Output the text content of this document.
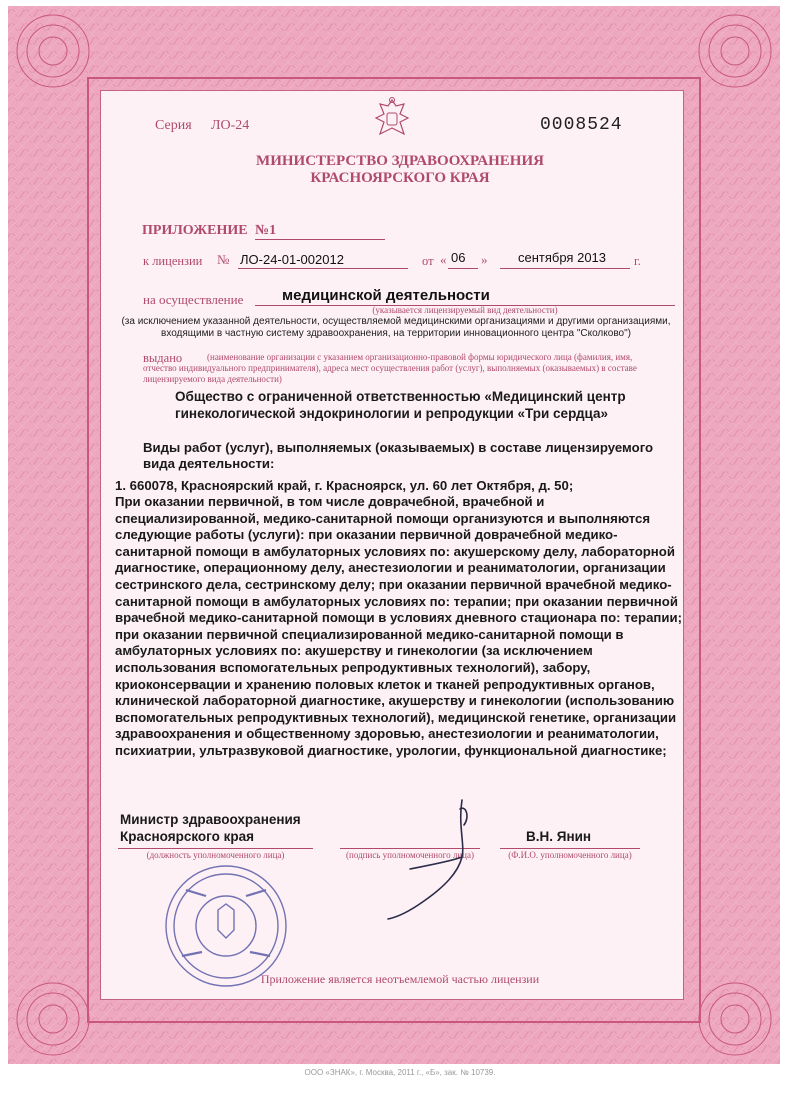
Серия ЛО-24	0008524
МИНИСТЕРСТВО ЗДРАВООХРАНЕНИЯ
КРАСНОЯРСКОГО КРАЯ
ПРИЛОЖЕНИЕ №1
к лицензии № ЛО-24-01-002012	от « 06 » сентября 2013 г.
на осуществление	медицинской деятельности
(указывается лицензируемый вид деятельности)
(за исключением указанной деятельности, осуществляемой медицинскими организациями и другими организациями,
входящими в частную систему здравоохранения, на территории инновационного центра "Сколково")
выдано	(наименование организации с указанием организационно-правовой формы юридического лица (фамилия, имя,
отчество индивидуального предпринимателя), адреса мест осуществления работ (услуг), выполняемых (оказываемых) в составе
лицензируемого вида деятельности)
Общество с ограниченной ответственностью «Медицинский центр
гинекологической эндокринологии и репродукции «Три сердца»
Виды работ (услуг), выполняемых (оказываемых) в составе лицензируемого
вида деятельности:
1. 660078, Красноярский край, г. Красноярск, ул. 60 лет Октября, д. 50;
При оказании первичной, в том числе доврачебной, врачебной и
специализированной, медико-санитарной помощи организуются и выполняются
следующие работы (услуги): при оказании первичной доврачебной медико-
санитарной помощи в амбулаторных условиях по: акушерскому делу, лабораторной
диагностике, операционному делу, анестезиологии и реаниматологии, организации
сестринского дела, сестринскому делу; при оказании первичной врачебной медико-
санитарной помощи в амбулаторных условиях по: терапии; при оказании первичной
врачебной медико-санитарной помощи в условиях дневного стационара по: терапии;
при оказании первичной специализированной медико-санитарной помощи в
амбулаторных условиях по: акушерству и гинекологии (за исключением
использования вспомогательных репродуктивных технологий), забору,
криоконсервации и хранению половых клеток и тканей репродуктивных органов,
клинической лабораторной диагностике, акушерству и гинекологии (использованию
вспомогательных репродуктивных технологий), медицинской генетике, организации
здравоохранения и общественному здоровью, анестезиологии и реаниматологии,
психиатрии, ультразвуковой диагностике, урологии, функциональной диагностике;
Министр здравоохранения
Красноярского края	В.Н. Янин
(должность уполномоченного лица)	(подпись уполномоченного лица)	(Ф.И.О. уполномоченного лица)
Приложение является неотъемлемой частью лицензии
ООО «ЗНАК», г. Москва, 2011 г., «Б», зак. № 10739.
